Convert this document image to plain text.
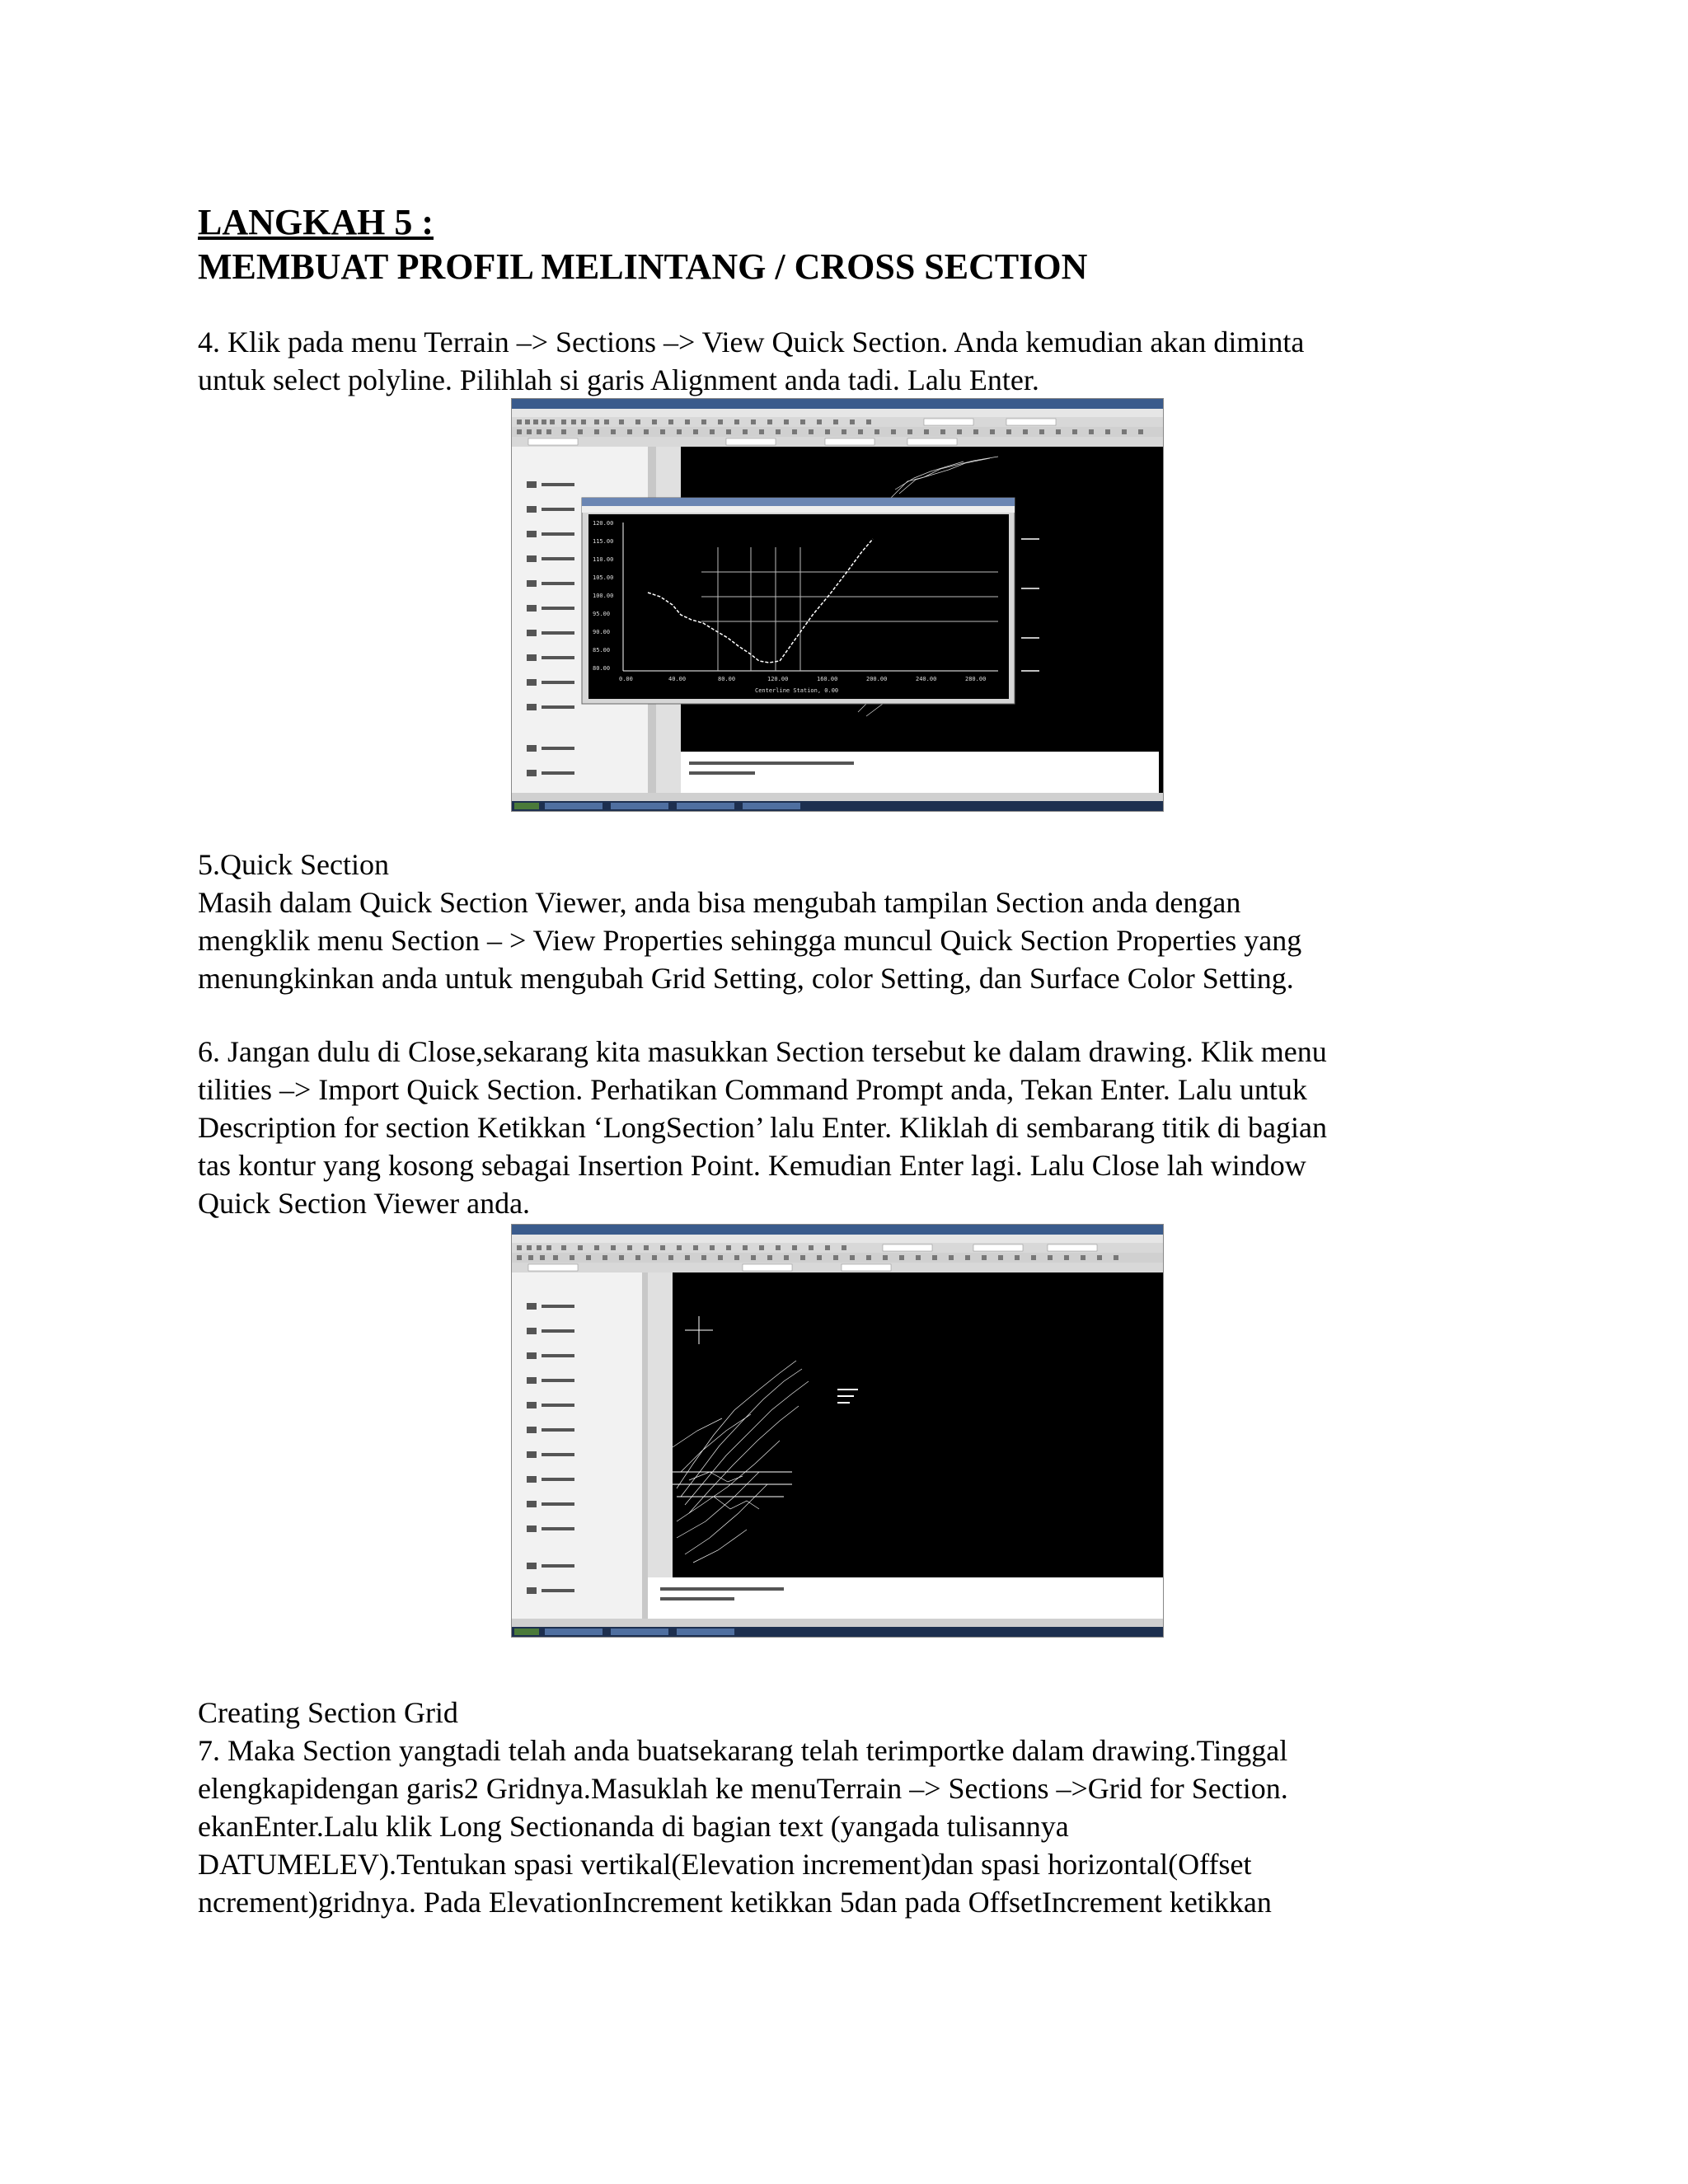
LANGKAH 5 :
MEMBUAT PROFIL MELINTANG / CROSS SECTION

4. Klik pada menu Terrain –> Sections –> View Quick Section. Anda kemudian akan diminta
untuk select polyline. Pilihlah si garis Alignment anda tadi. Lalu Enter.

120.00
115.00
110.00
105.00
100.00
95.00
90.00
85.00
80.00
0.00	40.00	80.00	120.00	160.00	200.00	240.00	280.00
Centerline Station, 0.00

5.Quick Section
Masih dalam Quick Section Viewer, anda bisa mengubah tampilan Section anda dengan
mengklik menu Section – > View Properties sehingga muncul Quick Section Properties yang
menungkinkan anda untuk mengubah Grid Setting, color Setting, dan Surface Color Setting.

6. Jangan dulu di Close,sekarang kita masukkan Section tersebut ke dalam drawing. Klik menu
tilities –> Import Quick Section. Perhatikan Command Prompt anda, Tekan Enter. Lalu untuk
Description for section Ketikkan ‘LongSection’ lalu Enter. Kliklah di sembarang titik di bagian
tas kontur yang kosong sebagai Insertion Point. Kemudian Enter lagi. Lalu Close lah window
Quick Section Viewer anda.

Creating Section Grid
7. Maka Section yangtadi telah anda buatsekarang telah terimportke dalam drawing.Tinggal
elengkapidengan garis2 Gridnya.Masuklah ke menuTerrain –> Sections –>Grid for Section.
ekanEnter.Lalu klik Long Sectionanda di bagian text (yangada tulisannya
DATUMELEV).Tentukan spasi vertikal(Elevation increment)dan spasi horizontal(Offset
ncrement)gridnya. Pada ElevationIncrement ketikkan 5dan pada OffsetIncrement ketikkan
